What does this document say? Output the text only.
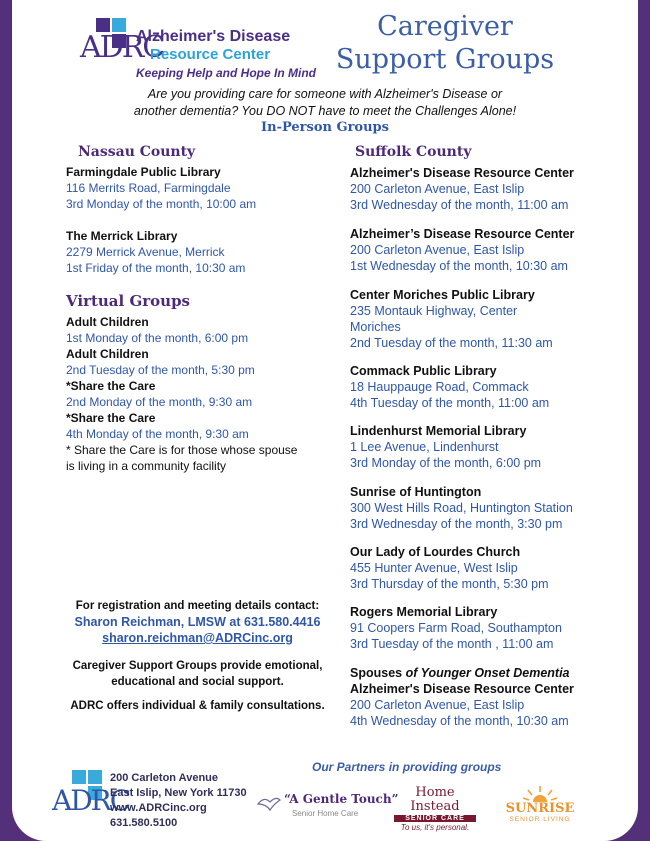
ADRC
Alzheimer's Disease
Resource Center
Keeping Help and Hope In Mind
Caregiver
Support Groups
Are you providing care for someone with Alzheimer's Disease or
another dementia? You DO NOT have to meet the Challenges Alone!
In-Person Groups
Nassau County
Farmingdale Public Library
116 Merrits Road, Farmingdale
3rd Monday of the month, 10:00 am
The Merrick Library
2279 Merrick Avenue, Merrick
1st Friday of the month, 10:30 am
Virtual Groups
Adult Children
1st Monday of the month, 6:00 pm
Adult Children
2nd Tuesday of the month, 5:30 pm
*Share the Care
2nd Monday of the month, 9:30 am
*Share the Care
4th Monday of the month, 9:30 am
* Share the Care is for those whose spouse
is living in a community facility
Suffolk County
Alzheimer's Disease Resource Center
200 Carleton Avenue, East Islip
3rd Wednesday of the month, 11:00 am
Alzheimer’s Disease Resource Center
200 Carleton Avenue, East Islip
1st Wednesday of the month, 10:30 am
Center Moriches Public Library
235 Montauk Highway, Center
Moriches
2nd Tuesday of the month, 11:30 am
Commack Public Library
18 Hauppauge Road, Commack
4th Tuesday of the month, 11:00 am
Lindenhurst Memorial Library
1 Lee Avenue, Lindenhurst
3rd Monday of the month, 6:00 pm
Sunrise of Huntington
300 West Hills Road, Huntington Station
3rd Wednesday of the month, 3:30 pm
Our Lady of Lourdes Church
455 Hunter Avenue, West Islip
3rd Thursday of the month, 5:30 pm
Rogers Memorial Library
91 Coopers Farm Road, Southampton
3rd Tuesday of the month , 11:00 am
Spouses of Younger Onset Dementia
Alzheimer's Disease Resource Center
200 Carleton Avenue, East Islip
4th Wednesday of the month, 10:30 am
For registration and meeting details contact:
Sharon Reichman, LMSW at 631.580.4416
sharon.reichman@ADRCinc.org
Caregiver Support Groups provide emotional,
educational and social support.
ADRC offers individual & family consultations.
ADRC
200 Carleton Avenue
East Islip, New York 11730
www.ADRCinc.org
631.580.5100
Our Partners in providing groups
“A Gentle Touch”
Senior Home Care
Home Instead
SENIOR CARE
To us, it's personal.
SUNRISE
SENIOR LIVING
